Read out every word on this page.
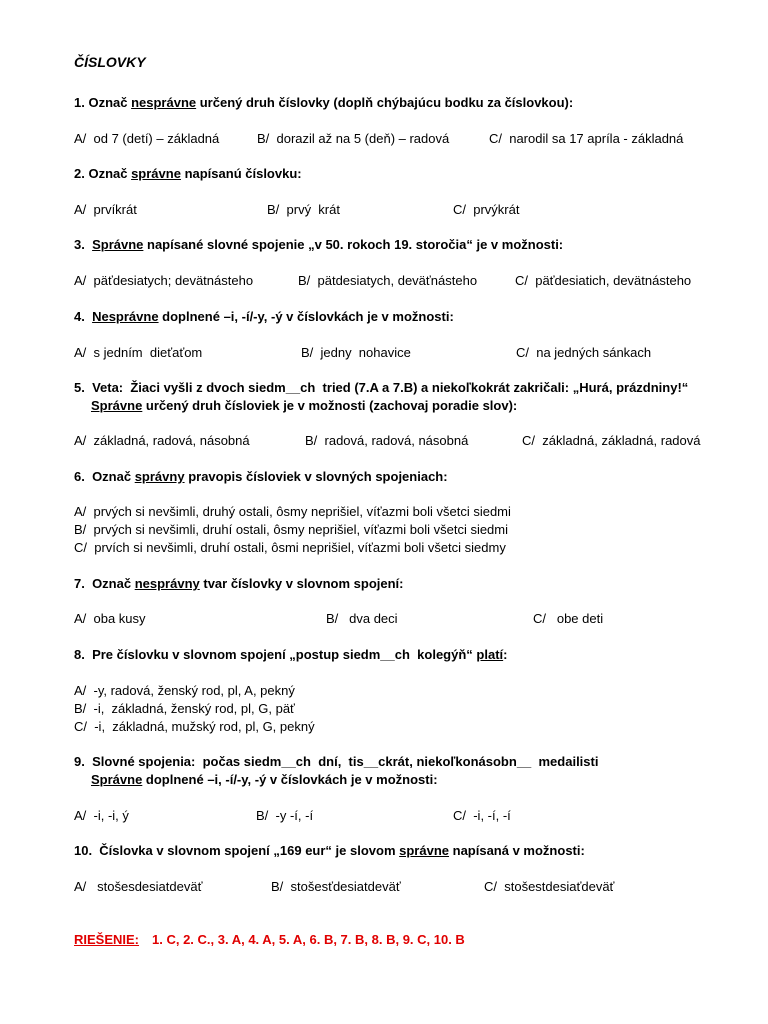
ČÍSLOVKY
1. Označ nesprávne určený druh číslovky (doplň chýbajúcu bodku za číslovkou):
A/  od 7 (detí) – základná	B/  dorazil až na 5 (deň) – radová	C/  narodil sa 17 apríla - základná
2. Označ správne napísanú číslovku:
A/  prvíkrát	B/  prvý  krát	C/  prvýkrát
3.  Správne napísané slovné spojenie „v 50. rokoch 19. storočia“ je v možnosti:
A/  päťdesiatych; devätnásteho	B/  pätdesiatych, deväťnásteho	C/  päťdesiatich, devätnásteho
4.  Nesprávne doplnené –i, -í/-y, -ý v číslovkách je v možnosti:
A/  s jedním  dieťaťom	B/  jedny  nohavice	C/  na jedných sánkach
5.  Veta:  Žiaci vyšli z dvoch siedm__ch  tried (7.A a 7.B) a niekoľkokrát zakričali: „Hurá, prázdniny!“
Správne určený druh čísloviek je v možnosti (zachovaj poradie slov):
A/  základná, radová, násobná	B/  radová, radová, násobná	C/  základná, základná, radová
6.  Označ správny pravopis čísloviek v slovných spojeniach:
A/  prvých si nevšimli, druhý ostali, ôsmy neprišiel, víťazmi boli všetci siedmi
B/  prvých si nevšimli, druhí ostali, ôsmy neprišiel, víťazmi boli všetci siedmi
C/  prvích si nevšimli, druhí ostali, ôsmi neprišiel, víťazmi boli všetci siedmy
7.  Označ nesprávny tvar číslovky v slovnom spojení:
A/  oba kusy	B/   dva deci	C/   obe deti
8.  Pre číslovku v slovnom spojení „postup siedm__ch  kolegýň“ platí:
A/  -y, radová, ženský rod, pl, A, pekný
B/  -i,  základná, ženský rod, pl, G, päť
C/  -i,  základná, mužský rod, pl, G, pekný
9.  Slovné spojenia:  počas siedm__ch  dní,  tis__ckrát, niekoľkonásobn__  medailisti
Správne doplnené –i, -í/-y, -ý v číslovkách je v možnosti:
A/  -i, -i, ý	B/  -y -í, -í	C/  -i, -í, -í
10.  Číslovka v slovnom spojení „169 eur“ je slovom správne napísaná v možnosti:
A/   stošesdesiatdeväť	B/  stošesťdesiatdeväť	C/  stošestdesiaťdeväť
RIEŠENIE: 1. C, 2. C., 3. A, 4. A, 5. A, 6. B, 7. B, 8. B, 9. C, 10. B
